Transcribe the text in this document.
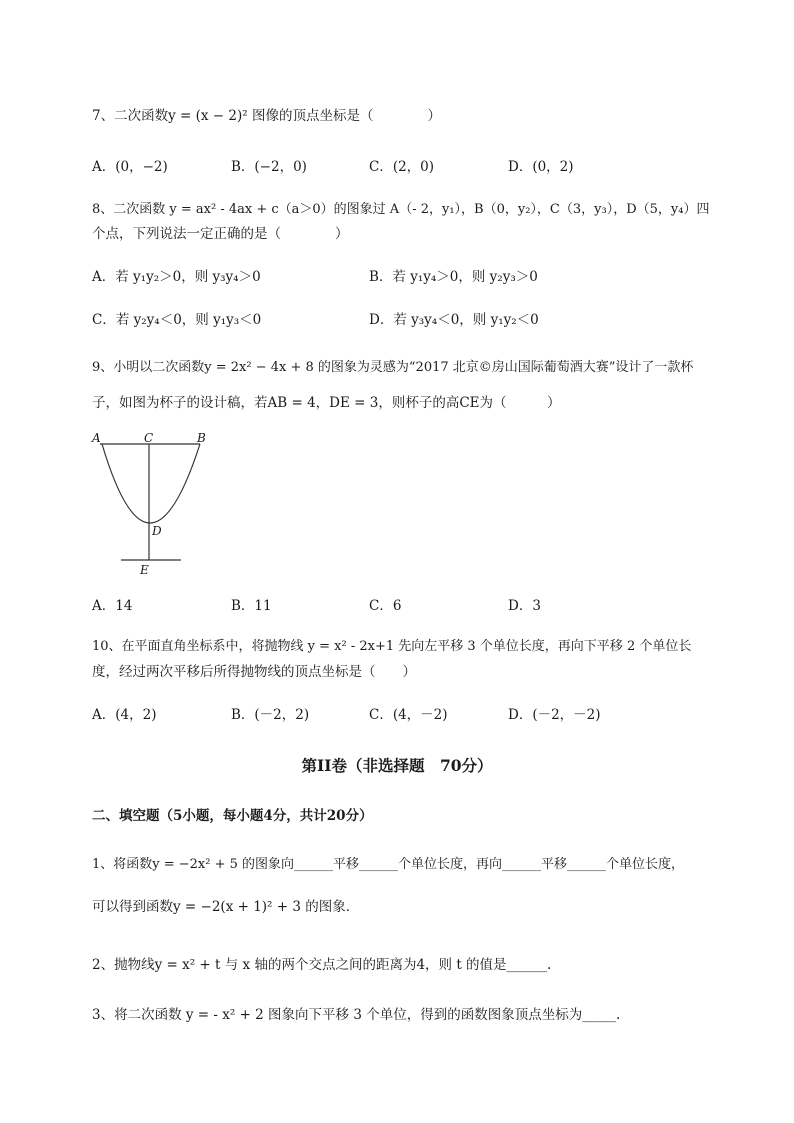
7、二次函数y = (x − 2)² 图像的顶点坐标是（　　　　）
A．(0，−2)	B．(−2，0)	C．(2，0)	D．(0，2)
8、二次函数 y = ax² - 4ax + c（a＞0）的图象过 A（- 2，y₁），B（0，y₂），C（3，y₃），D（5，y₄）四
个点，下列说法一定正确的是（　　　　）
A．若 y₁y₂＞0，则 y₃y₄＞0	B．若 y₁y₄＞0，则 y₂y₃＞0
C．若 y₂y₄＜0，则 y₁y₃＜0	D．若 y₃y₄＜0，则 y₁y₂＜0
9、小明以二次函数y = 2x² − 4x + 8 的图象为灵感为“2017 北京©房山国际葡萄酒大赛”设计了一款杯
子，如图为杯子的设计稿，若AB = 4，DE = 3，则杯子的高CE为（　　　）
A	C	B
D
E
A．14	B．11	C．6	D．3
10、在平面直角坐标系中，将抛物线 y = x² - 2x+1 先向左平移 3 个单位长度，再向下平移 2 个单位长
度，经过两次平移后所得抛物线的顶点坐标是（　　）
A．(4，2)	B．(－2，2)	C．(4，－2)	D．(－2，－2)
第II卷（非选择题　70分）
二、填空题（5小题，每小题4分，共计20分）
1、将函数y = −2x² + 5 的图象向______平移______个单位长度，再向______平移______个单位长度，
可以得到函数y = −2(x + 1)² + 3 的图象．
2、抛物线y = x² + t 与 x 轴的两个交点之间的距离为4，则 t 的值是______.
3、将二次函数 y = - x² + 2 图象向下平移 3 个单位，得到的函数图象顶点坐标为_____.
